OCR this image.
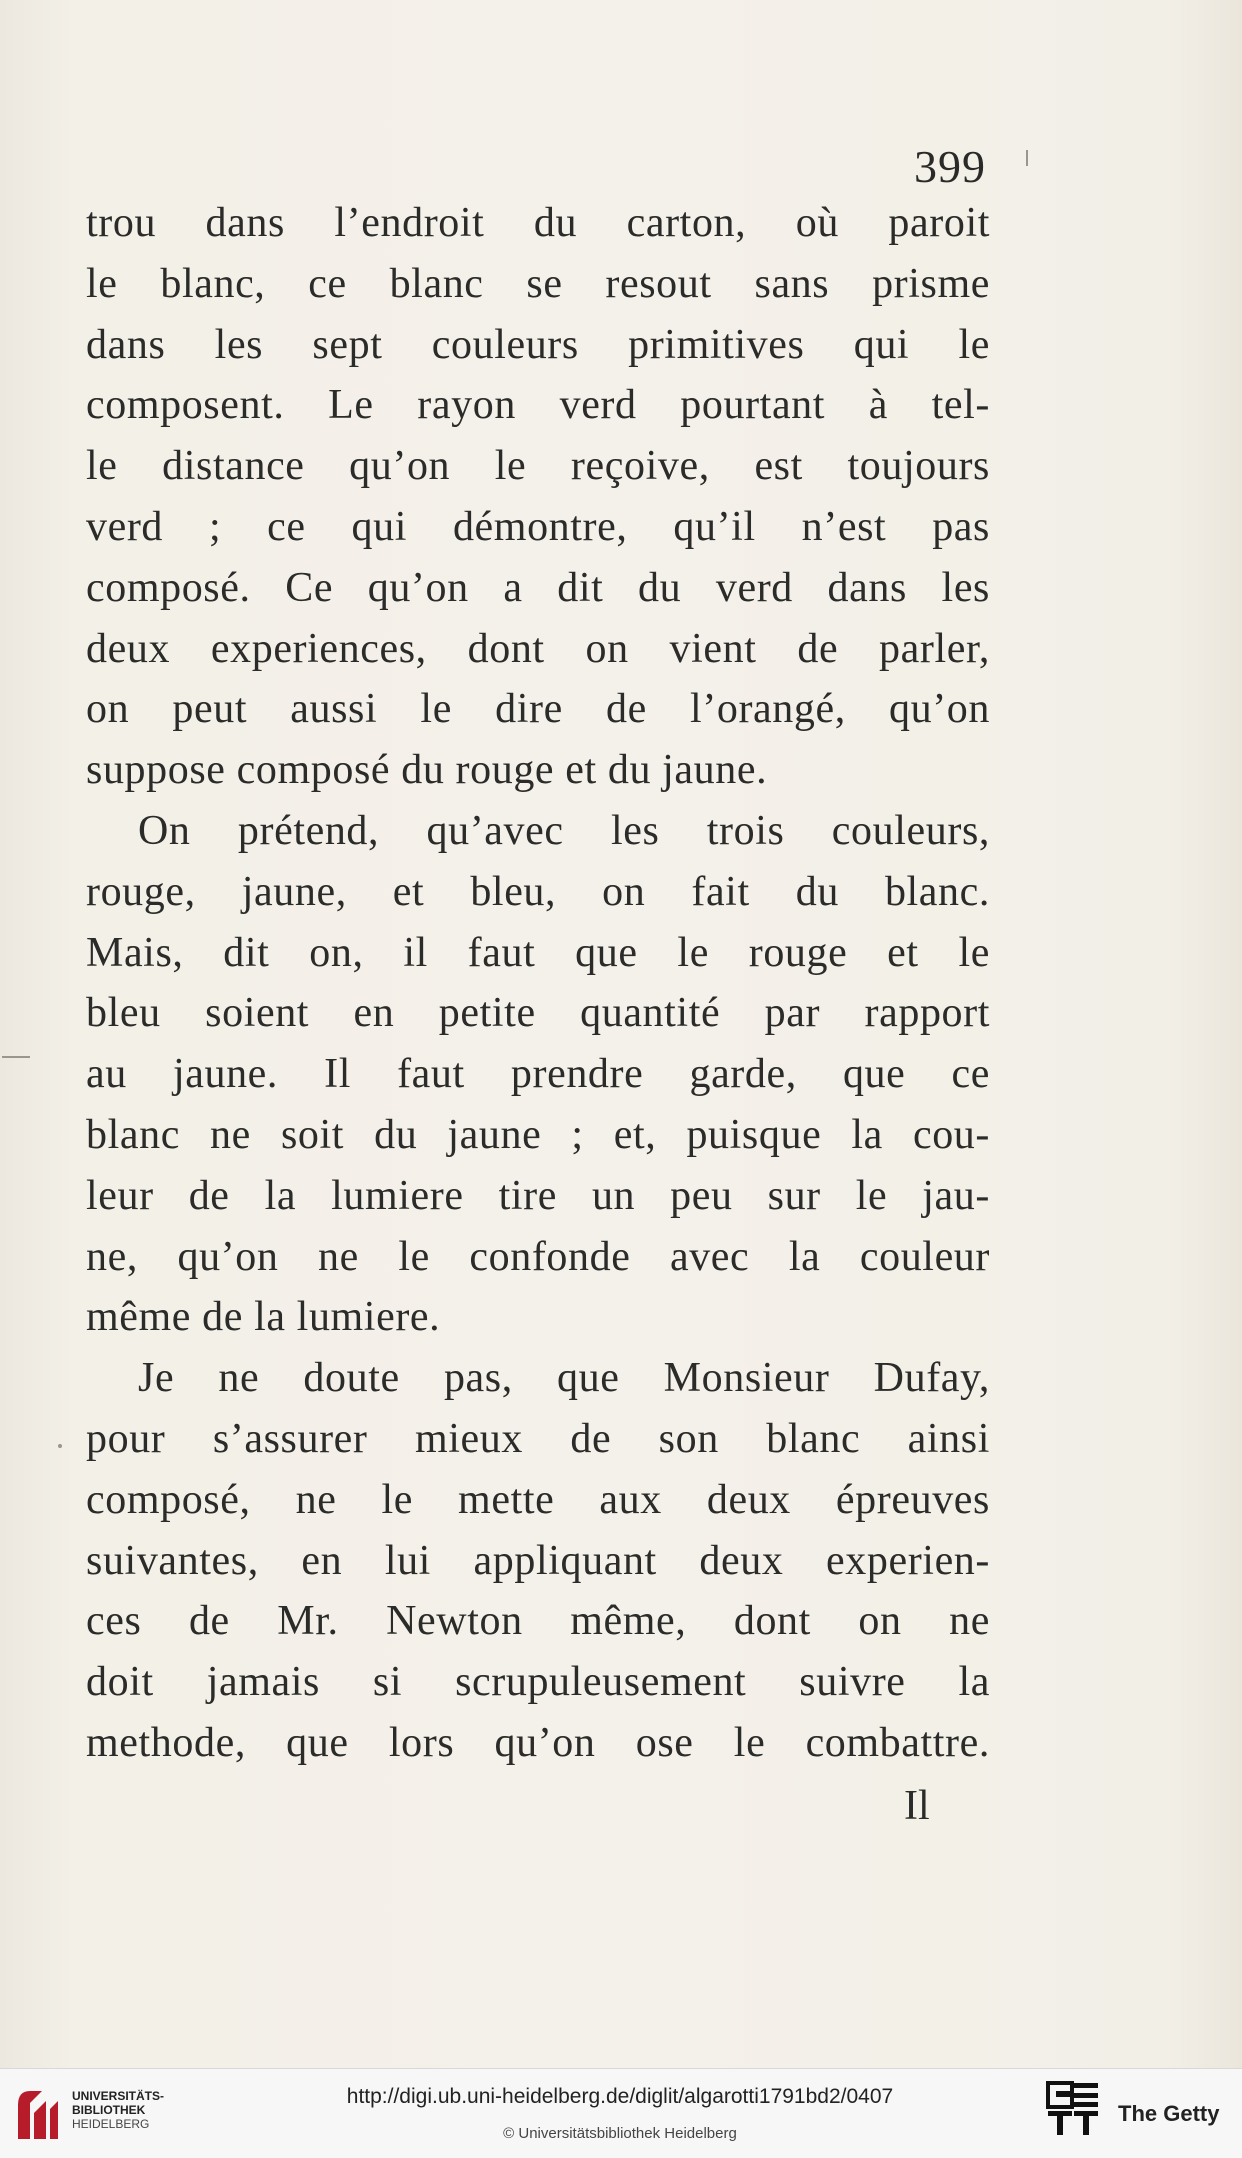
399
trou dans l’endroit du carton, où paroit
le blanc, ce blanc se resout sans prisme
dans les sept couleurs primitives qui le
composent. Le rayon verd pourtant à tel-
le distance qu’on le reçoive, est toujours
verd ; ce qui démontre, qu’il n’est pas
composé. Ce qu’on a dit du verd dans les
deux experiences, dont on vient de parler,
on peut aussi le dire de l’orangé, qu’on
suppose composé du rouge et du jaune.
On prétend, qu’avec les trois couleurs,
rouge, jaune, et bleu, on fait du blanc.
Mais, dit on, il faut que le rouge et le
bleu soient en petite quantité par rapport
au jaune. Il faut prendre garde, que ce
blanc ne soit du jaune ; et, puisque la cou-
leur de la lumiere tire un peu sur le jau-
ne, qu’on ne le confonde avec la couleur
même de la lumiere.
Je ne doute pas, que Monsieur Dufay,
pour s’assurer mieux de son blanc ainsi
composé, ne le mette aux deux épreuves
suivantes, en lui appliquant deux experien-
ces de Mr. Newton même, dont on ne
doit jamais si scrupuleusement suivre la
methode, que lors qu’on ose le combattre.
Il
UNIVERSITÄTS-
BIBLIOTHEK
HEIDELBERG
http://digi.ub.uni-heidelberg.de/diglit/algarotti1791bd2/0407
© Universitätsbibliothek Heidelberg
The Getty
